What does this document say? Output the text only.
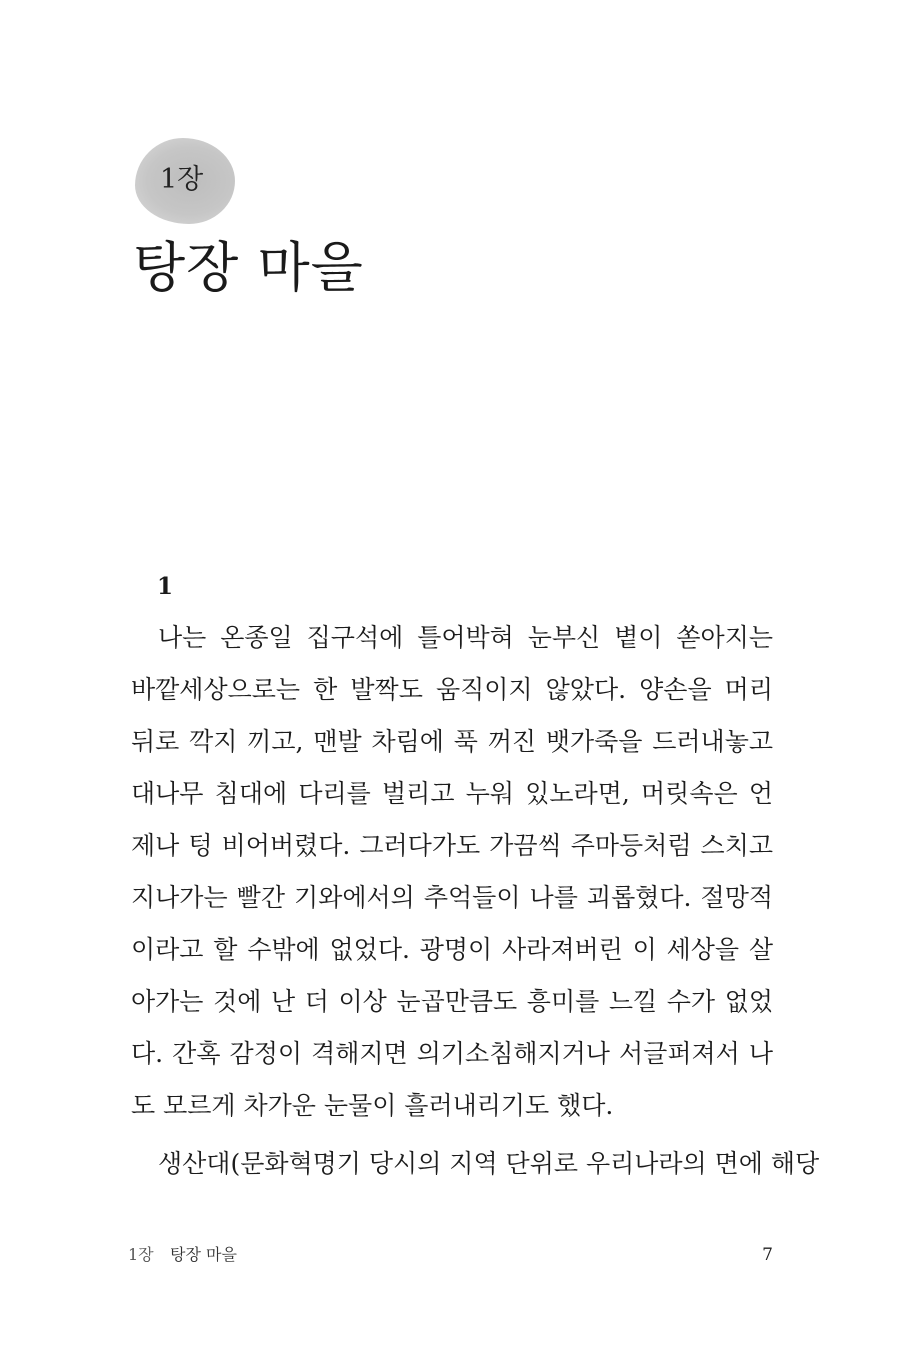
1장
탕장 마을
1
나는 온종일 집구석에 틀어박혀 눈부신 볕이 쏟아지는
바깥세상으로는 한 발짝도 움직이지 않았다. 양손을 머리
뒤로 깍지 끼고, 맨발 차림에 푹 꺼진 뱃가죽을 드러내놓고
대나무 침대에 다리를 벌리고 누워 있노라면, 머릿속은 언
제나 텅 비어버렸다. 그러다가도 가끔씩 주마등처럼 스치고
지나가는 빨간 기와에서의 추억들이 나를 괴롭혔다. 절망적
이라고 할 수밖에 없었다. 광명이 사라져버린 이 세상을 살
아가는 것에 난 더 이상 눈곱만큼도 흥미를 느낄 수가 없었
다. 간혹 감정이 격해지면 의기소침해지거나 서글퍼져서 나
도 모르게 차가운 눈물이 흘러내리기도 했다.
생산대(문화혁명기 당시의 지역 단위로 우리나라의 면에 해당
1장 탕장 마을	7
